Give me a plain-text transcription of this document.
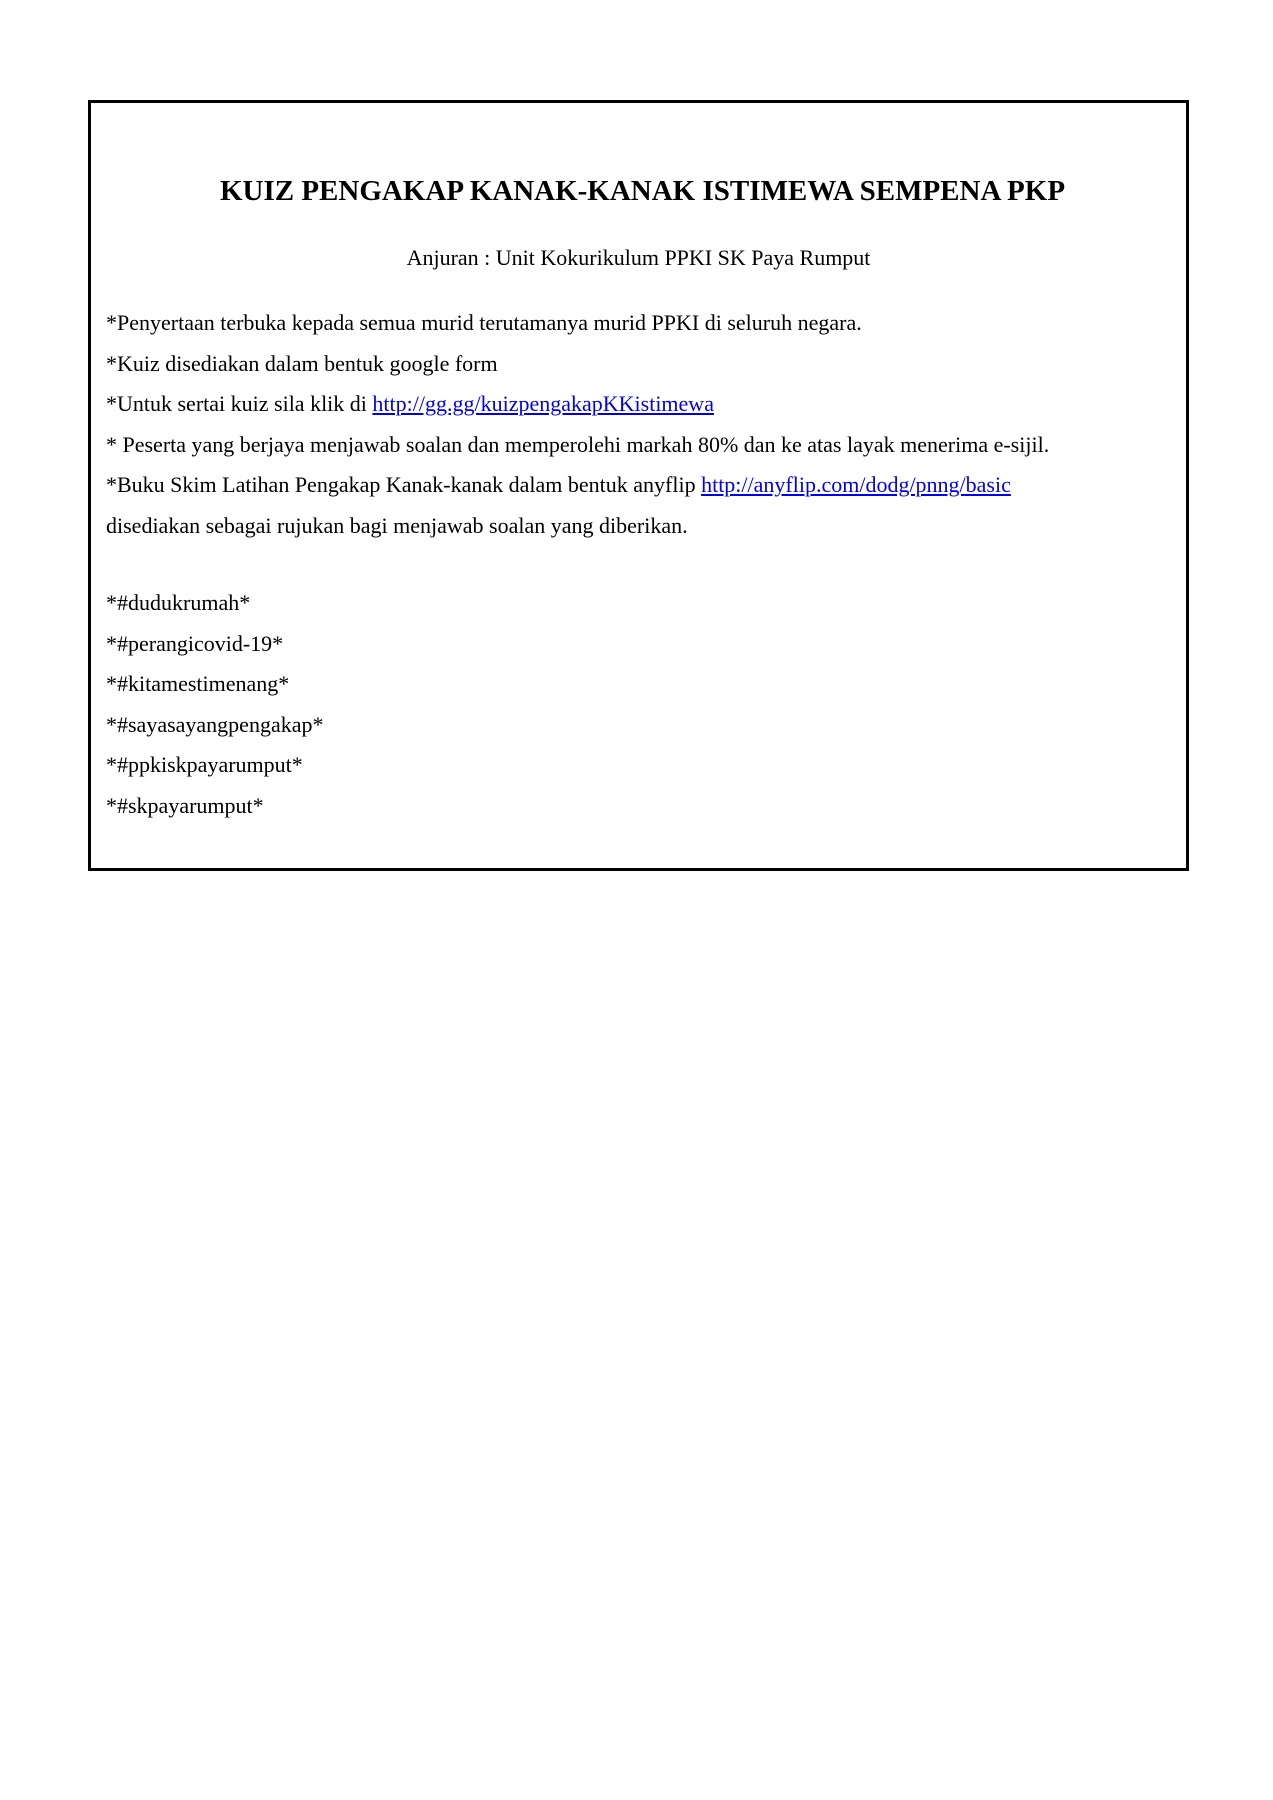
KUIZ PENGAKAP KANAK-KANAK ISTIMEWA SEMPENA PKP

Anjuran : Unit Kokurikulum PPKI SK Paya Rumput

*Penyertaan terbuka kepada semua murid terutamanya murid PPKI di seluruh negara.
*Kuiz disediakan dalam bentuk google form
*Untuk sertai kuiz sila klik di http://gg.gg/kuizpengakapKKistimewa
* Peserta yang berjaya menjawab soalan dan memperolehi markah 80% dan ke atas layak menerima e-sijil.
*Buku Skim Latihan Pengakap Kanak-kanak dalam bentuk anyflip http://anyflip.com/dodg/pnng/basic
disediakan sebagai rujukan bagi menjawab soalan yang diberikan.
*#dudukrumah*
*#perangicovid-19*
*#kitamestimenang*
*#sayasayangpengakap*
*#ppkiskpayarumput*
*#skpayarumput*
